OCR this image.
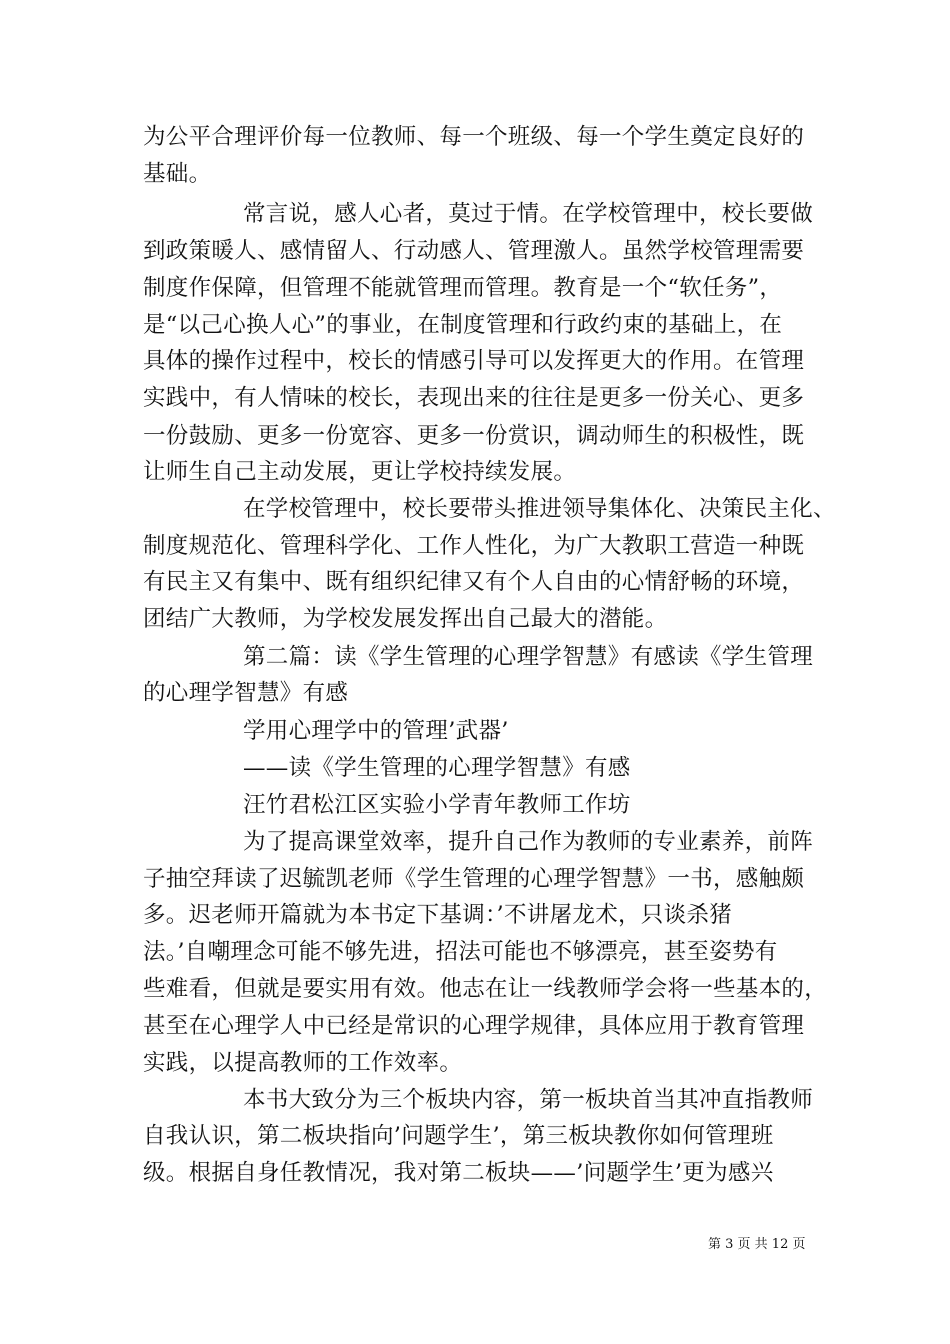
为公平合理评价每一位教师、每一个班级、每一个学生奠定良好的
基础。
常言说，感人心者，莫过于情。在学校管理中，校长要做
到政策暖人、感情留人、行动感人、管理激人。虽然学校管理需要
制度作保障，但管理不能就管理而管理。教育是一个“软任务”，
是“以己心换人心”的事业，在制度管理和行政约束的基础上，在
具体的操作过程中，校长的情感引导可以发挥更大的作用。在管理
实践中，有人情味的校长，表现出来的往往是更多一份关心、更多
一份鼓励、更多一份宽容、更多一份赏识，调动师生的积极性，既
让师生自己主动发展，更让学校持续发展。
在学校管理中，校长要带头推进领导集体化、决策民主化、
制度规范化、管理科学化、工作人性化，为广大教职工营造一种既
有民主又有集中、既有组织纪律又有个人自由的心情舒畅的环境，
团结广大教师，为学校发展发挥出自己最大的潜能。
第二篇：读《学生管理的心理学智慧》有感读《学生管理
的心理学智慧》有感
学用心理学中的管理’武器’
——读《学生管理的心理学智慧》有感
汪竹君松江区实验小学青年教师工作坊
为了提高课堂效率，提升自己作为教师的专业素养，前阵
子抽空拜读了迟毓凯老师《学生管理的心理学智慧》一书，感触颇
多。迟老师开篇就为本书定下基调：’不讲屠龙术，只谈杀猪
法。’自嘲理念可能不够先进，招法可能也不够漂亮，甚至姿势有
些难看，但就是要实用有效。他志在让一线教师学会将一些基本的，
甚至在心理学人中已经是常识的心理学规律，具体应用于教育管理
实践，以提高教师的工作效率。
本书大致分为三个板块内容，第一板块首当其冲直指教师
自我认识，第二板块指向’问题学生’，第三板块教你如何管理班
级。根据自身任教情况，我对第二板块——’问题学生’更为感兴
第 3 页 共 12 页
